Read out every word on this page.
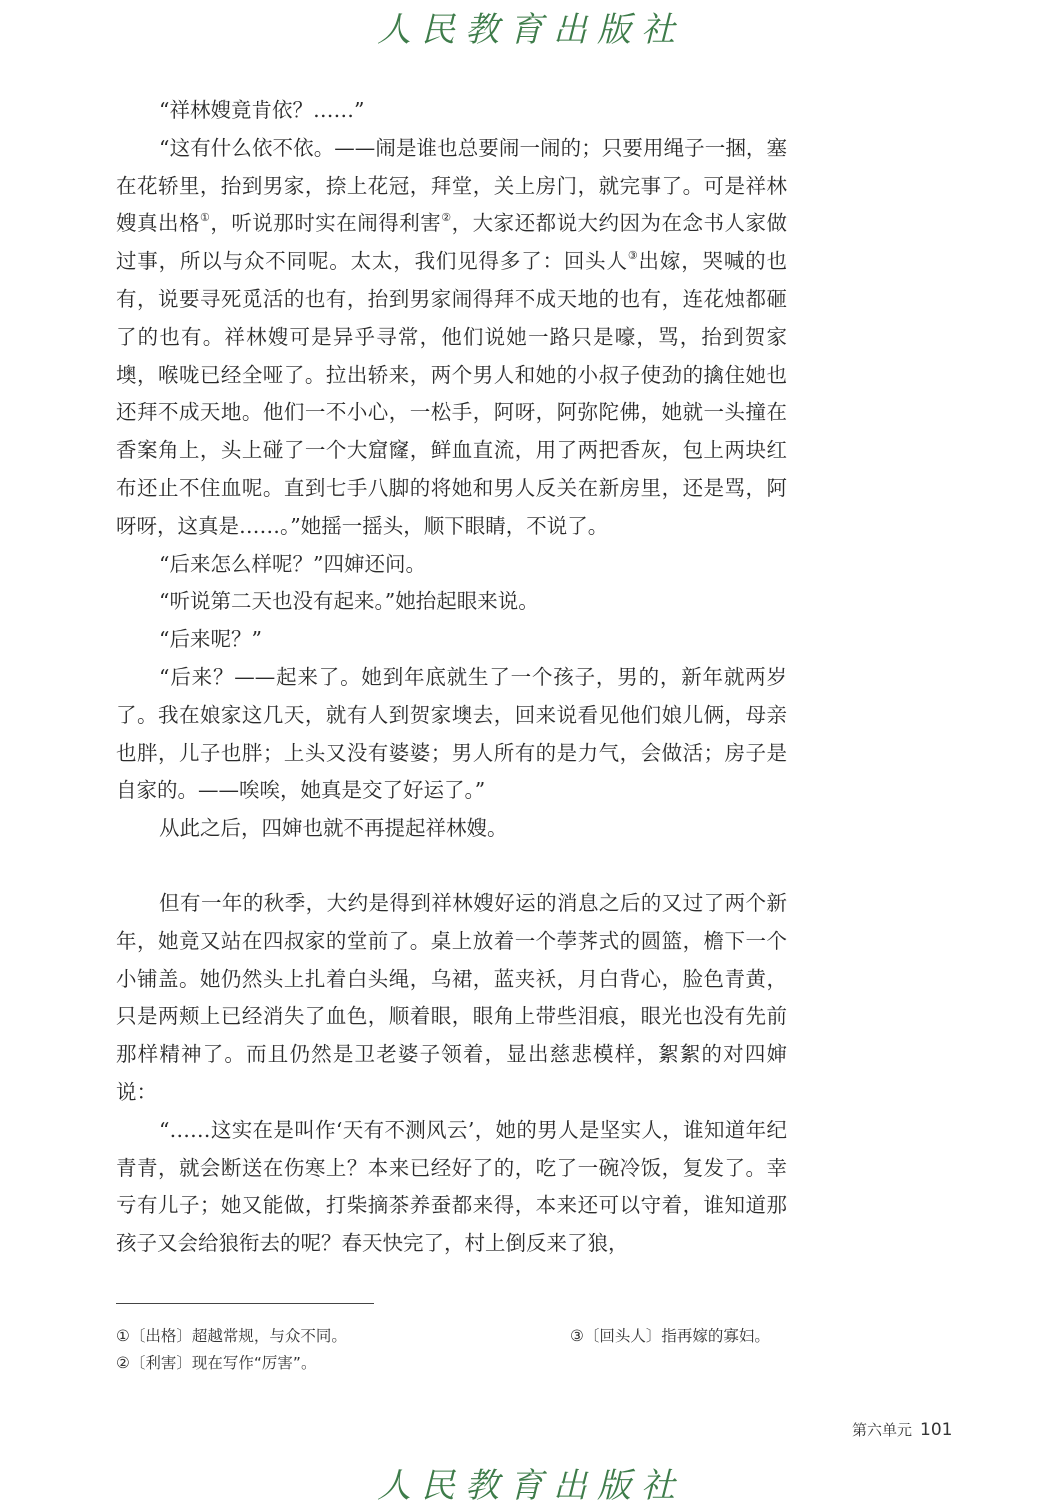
人民教育出版社

“祥林嫂竟肯依？……”

“这有什么依不依。——闹是谁也总要闹一闹的；只要用绳子一捆，塞在花轿里，抬到男家，捺上花冠，拜堂，关上房门，就完事了。可是祥林嫂真出格①，听说那时实在闹得利害②，大家还都说大约因为在念书人家做过事，所以与众不同呢。太太，我们见得多了：回头人③出嫁，哭喊的也有，说要寻死觅活的也有，抬到男家闹得拜不成天地的也有，连花烛都砸了的也有。祥林嫂可是异乎寻常，他们说她一路只是嚎，骂，抬到贺家墺，喉咙已经全哑了。拉出轿来，两个男人和她的小叔子使劲的擒住她也还拜不成天地。他们一不小心，一松手，阿呀，阿弥陀佛，她就一头撞在香案角上，头上碰了一个大窟窿，鲜血直流，用了两把香灰，包上两块红布还止不住血呢。直到七手八脚的将她和男人反关在新房里，还是骂，阿呀呀，这真是……。”她摇一摇头，顺下眼睛，不说了。

“后来怎么样呢？”四婶还问。

“听说第二天也没有起来。”她抬起眼来说。

“后来呢？”

“后来？——起来了。她到年底就生了一个孩子，男的，新年就两岁了。我在娘家这几天，就有人到贺家墺去，回来说看见他们娘儿俩，母亲也胖，儿子也胖；上头又没有婆婆；男人所有的是力气，会做活；房子是自家的。——唉唉，她真是交了好运了。”

从此之后，四婶也就不再提起祥林嫂。

但有一年的秋季，大约是得到祥林嫂好运的消息之后的又过了两个新年，她竟又站在四叔家的堂前了。桌上放着一个荸荠式的圆篮，檐下一个小铺盖。她仍然头上扎着白头绳，乌裙，蓝夹袄，月白背心，脸色青黄，只是两颊上已经消失了血色，顺着眼，眼角上带些泪痕，眼光也没有先前那样精神了。而且仍然是卫老婆子领着，显出慈悲模样，絮絮的对四婶说：

“……这实在是叫作‘天有不测风云’，她的男人是坚实人，谁知道年纪青青，就会断送在伤寒上？本来已经好了的，吃了一碗冷饭，复发了。幸亏有儿子；她又能做，打柴摘茶养蚕都来得，本来还可以守着，谁知道那孩子又会给狼衔去的呢？春天快完了，村上倒反来了狼，

①〔出格〕超越常规，与众不同。
②〔利害〕现在写作“厉害”。
③〔回头人〕指再嫁的寡妇。
第六单元 101
人民教育出版社
